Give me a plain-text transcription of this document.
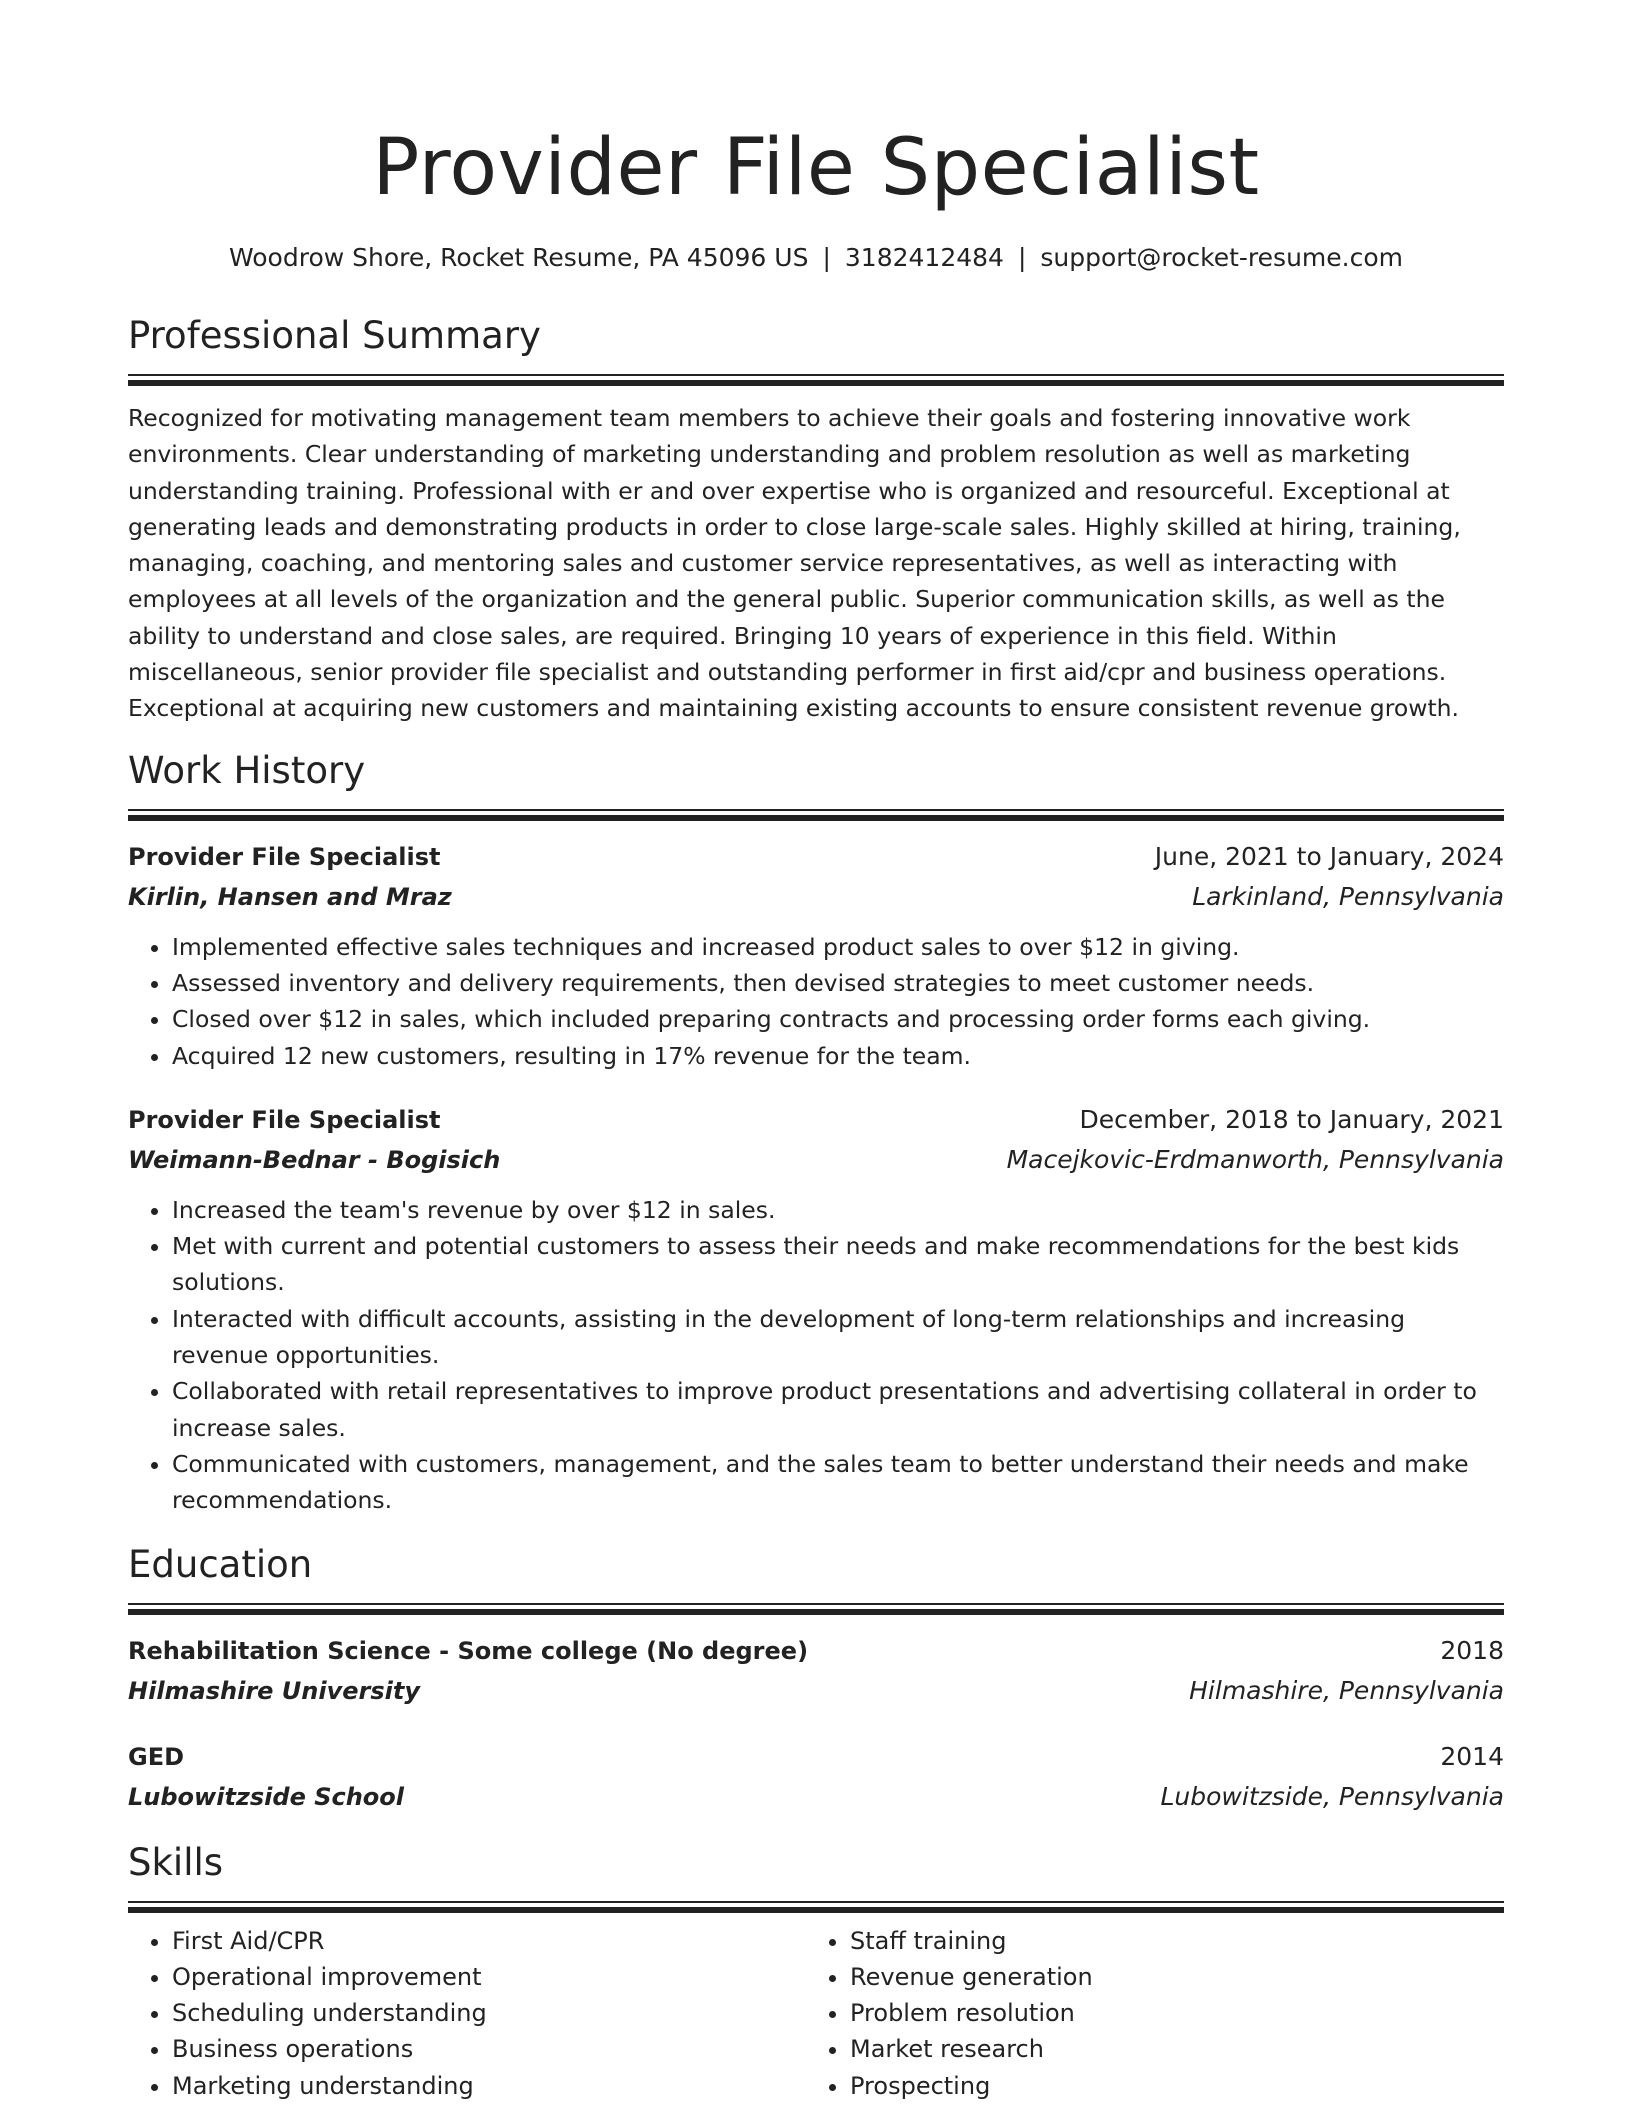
Provider File Specialist
Woodrow Shore, Rocket Resume, PA 45096 US | 3182412484 | support@rocket-resume.com
Professional Summary

Recognized for motivating management team members to achieve their goals and fostering innovative work environments. Clear understanding of marketing understanding and problem resolution as well as marketing understanding training. Professional with er and over expertise who is organized and resourceful. Exceptional at generating leads and demonstrating products in order to close large-scale sales. Highly skilled at hiring, training, managing, coaching, and mentoring sales and customer service representatives, as well as interacting with employees at all levels of the organization and the general public. Superior communication skills, as well as the ability to understand and close sales, are required. Bringing 10 years of experience in this field. Within miscellaneous, senior provider file specialist and outstanding performer in first aid/cpr and business operations. Exceptional at acquiring new customers and maintaining existing accounts to ensure consistent revenue growth.

Work History
Provider File Specialist	June, 2021 to January, 2024
Kirlin, Hansen and Mraz	Larkinland, Pennsylvania
• Implemented effective sales techniques and increased product sales to over $12 in giving.
• Assessed inventory and delivery requirements, then devised strategies to meet customer needs.
• Closed over $12 in sales, which included preparing contracts and processing order forms each giving.
• Acquired 12 new customers, resulting in 17% revenue for the team.
Provider File Specialist	December, 2018 to January, 2021
Weimann-Bednar - Bogisich	Macejkovic-Erdmanworth, Pennsylvania
• Increased the team's revenue by over $12 in sales.
• Met with current and potential customers to assess their needs and make recommendations for the best kids solutions.
• Interacted with difficult accounts, assisting in the development of long-term relationships and increasing revenue opportunities.
• Collaborated with retail representatives to improve product presentations and advertising collateral in order to increase sales.
• Communicated with customers, management, and the sales team to better understand their needs and make recommendations.
Education
Rehabilitation Science - Some college (No degree)	2018
Hilmashire University	Hilmashire, Pennsylvania
GED	2014
Lubowitzside School	Lubowitzside, Pennsylvania
Skills
• First Aid/CPR
• Operational improvement
• Scheduling understanding
• Business operations
• Marketing understanding
• Staff training
• Revenue generation
• Problem resolution
• Market research
• Prospecting
